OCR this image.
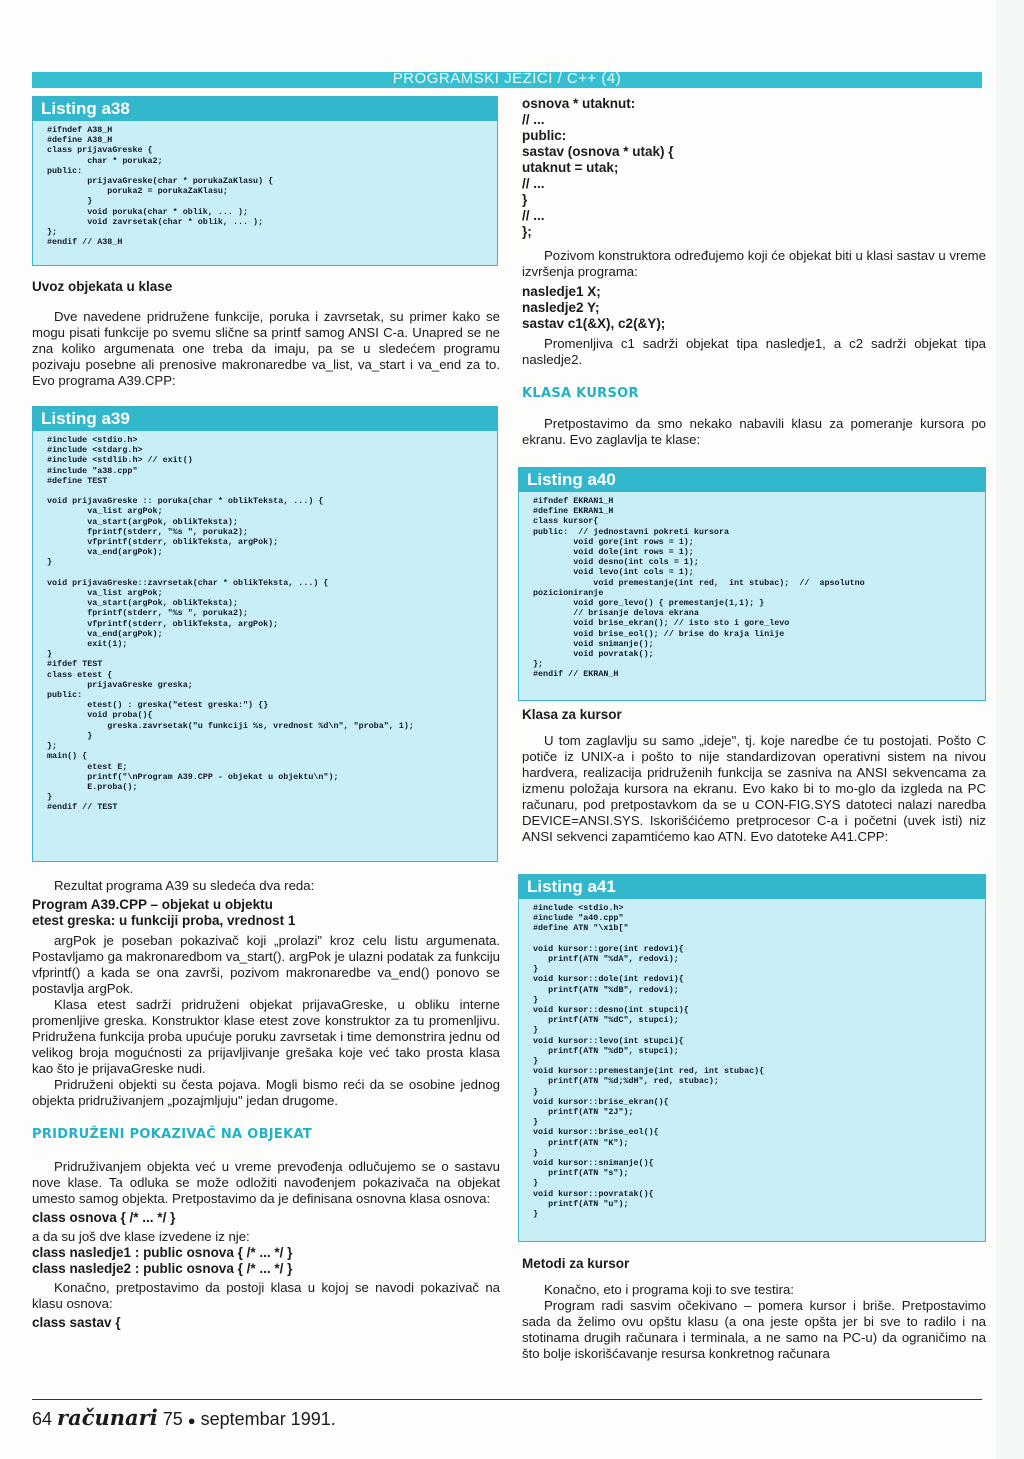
PROGRAMSKI JEZICI / C++ (4)
Listing a38
#ifndef A38_H
#define A38_H
class prijavaGreske {
char * poruka2;
public:
prijavaGreske(char * porukaZaKlasu) {
poruka2 = porukaZaKlasu;
}
void poruka(char * oblik, ... );
void zavrsetak(char * oblik, ... );
};
#endif // A38_H

Uvoz objekata u klase

Dve navedene pridružene funkcije, poruka i zavrsetak, su primer kako se mogu pisati funkcije po svemu slične sa printf samog ANSI C-a. Unapred se ne zna koliko argumenata one treba da imaju, pa se u sledećem programu pozivaju posebne ali prenosive makronaredbe va_list, va_start i va_end za to. Evo programa A39.CPP:

Listing a39
#include <stdio.h>
#include <stdarg.h>
#include <stdlib.h> // exit()
#include "a38.cpp"
#define TEST

void prijavaGreske :: poruka(char * oblikTeksta, ...) {
va_list argPok;
va_start(argPok, oblikTeksta);
fprintf(stderr, "%s ", poruka2);
vfprintf(stderr, oblikTeksta, argPok);
va_end(argPok);
}

void prijavaGreske::zavrsetak(char * oblikTeksta, ...) {
va_list argPok;
va_start(argPok, oblikTeksta);
fprintf(stderr, "%s ", poruka2);
vfprintf(stderr, oblikTeksta, argPok);
va_end(argPok);
exit(1);
}
#ifdef TEST
class etest {
prijavaGreske greska;
public:
etest() : greska("etest greska:") {}
void proba(){
greska.zavrsetak("u funkciji %s, vrednost %d\n", "proba", 1);
}
};
main() {
etest E;
printf("\nProgram A39.CPP - objekat u objektu\n");
E.proba();
}
#endif // TEST

Rezultat programa A39 su sledeća dva reda:

Program A39.CPP – objekat u objektu

etest greska: u funkciji proba, vrednost 1

argPok je poseban pokazivač koji „prolazi" kroz celu listu argumenata. Postavljamo ga makronaredbom va_start(). argPok je ulazni podatak za funkciju vfprintf() a kada se ona završi, pozivom makronaredbe va_end() ponovo se postavlja argPok.

Klasa etest sadrži pridruženi objekat prijavaGreske, u obliku interne promenljive greska. Konstruktor klase etest zove konstruktor za tu promenljivu. Pridružena funkcija proba upućuje poruku zavrsetak i time demonstrira jednu od velikog broja mogućnosti za prijavljivanje grešaka koje već tako prosta klasa kao što je prijavaGreske nudi.

Pridruženi objekti su česta pojava. Mogli bismo reći da se osobine jednog objekta pridruživanjem „pozajmljuju" jedan drugome.

PRIDRUŽENI POKAZIVAČ NA OBJEKAT

Pridruživanjem objekta već u vreme prevođenja odlučujemo se o sastavu nove klase. Ta odluka se može odložiti navođenjem pokazivača na objekat umesto samog objekta. Pretpostavimo da je definisana osnovna klasa osnova:

class osnova { /* ... */ }

a da su još dve klase izvedene iz nje:

class nasledje1 : public osnova { /* ... */ }

class nasledje2 : public osnova { /* ... */ }

Konačno, pretpostavimo da postoji klasa u kojoj se navodi pokazivač na klasu osnova:

class sastav {

osnova * utaknut:
// ...
public:
sastav (osnova * utak) {
utaknut = utak;
// ...
}
// ...
};

Pozivom konstruktora određujemo koji će objekat biti u klasi sastav u vreme izvršenja programa:

nasledje1 X;
nasledje2 Y;
sastav c1(&X), c2(&Y);

Promenljiva c1 sadrži objekat tipa nasledje1, a c2 sadrži objekat tipa nasledje2.

KLASA KURSOR

Pretpostavimo da smo nekako nabavili klasu za pomeranje kursora po ekranu. Evo zaglavlja te klase:

Listing a40
#ifndef EKRAN1_H
#define EKRAN1_H
class kursor{
public:  // jednostavni pokreti kursora
void gore(int rows = 1);
void dole(int rows = 1);
void desno(int cols = 1);
void levo(int cols = 1);
void premestanje(int red,  int stubac);  //  apsolutno
pozicioniranje
void gore_levo() { premestanje(1,1); }
// brisanje delova ekrana
void brise_ekran(); // isto sto i gore_levo
void brise_eol(); // brise do kraja linije
void snimanje();
void povratak();
};
#endif // EKRAN_H

Klasa za kursor

U tom zaglavlju su samo „ideje", tj. koje naredbe će tu postojati. Pošto C potiče iz UNIX-a i pošto to nije standardizovan operativni sistem na nivou hardvera, realizacija pridruženih funkcija se zasniva na ANSI sekvencama za izmenu položaja kursora na ekranu. Evo kako bi to mo-glo da izgleda na PC računaru, pod pretpostavkom da se u CON-FIG.SYS datoteci nalazi naredba DEVICE=ANSI.SYS. Iskorišćićemo pretprocesor C-a i početni (uvek isti) niz ANSI sekvenci zapamtićemo kao ATN. Evo datoteke A41.CPP:

Listing a41
#include <stdio.h>
#include "a40.cpp"
#define ATN "\x1b["

void kursor::gore(int redovi){
printf(ATN "%dA", redovi);
}
void kursor::dole(int redovi){
printf(ATN "%dB", redovi);
}
void kursor::desno(int stupci){
printf(ATN "%dC", stupci);
}
void kursor::levo(int stupci){
printf(ATN "%dD", stupci);
}
void kursor::premestanje(int red, int stubac){
printf(ATN "%d;%dH", red, stubac);
}
void kursor::brise_ekran(){
printf(ATN "2J");
}
void kursor::brise_eol(){
printf(ATN "K");
}
void kursor::snimanje(){
printf(ATN "s");
}
void kursor::povratak(){
printf(ATN "u");
}

Metodi za kursor

Konačno, eto i programa koji to sve testira:

Program radi sasvim očekivano – pomera kursor i briše. Pretpostavimo sada da želimo ovu opštu klasu (a ona jeste opšta jer bi sve to radilo i na stotinama drugih računara i terminala, a ne samo na PC-u) da ograničimo na što bolje iskorišćavanje resursa konkretnog računara

64 računari 75 ● septembar 1991.
